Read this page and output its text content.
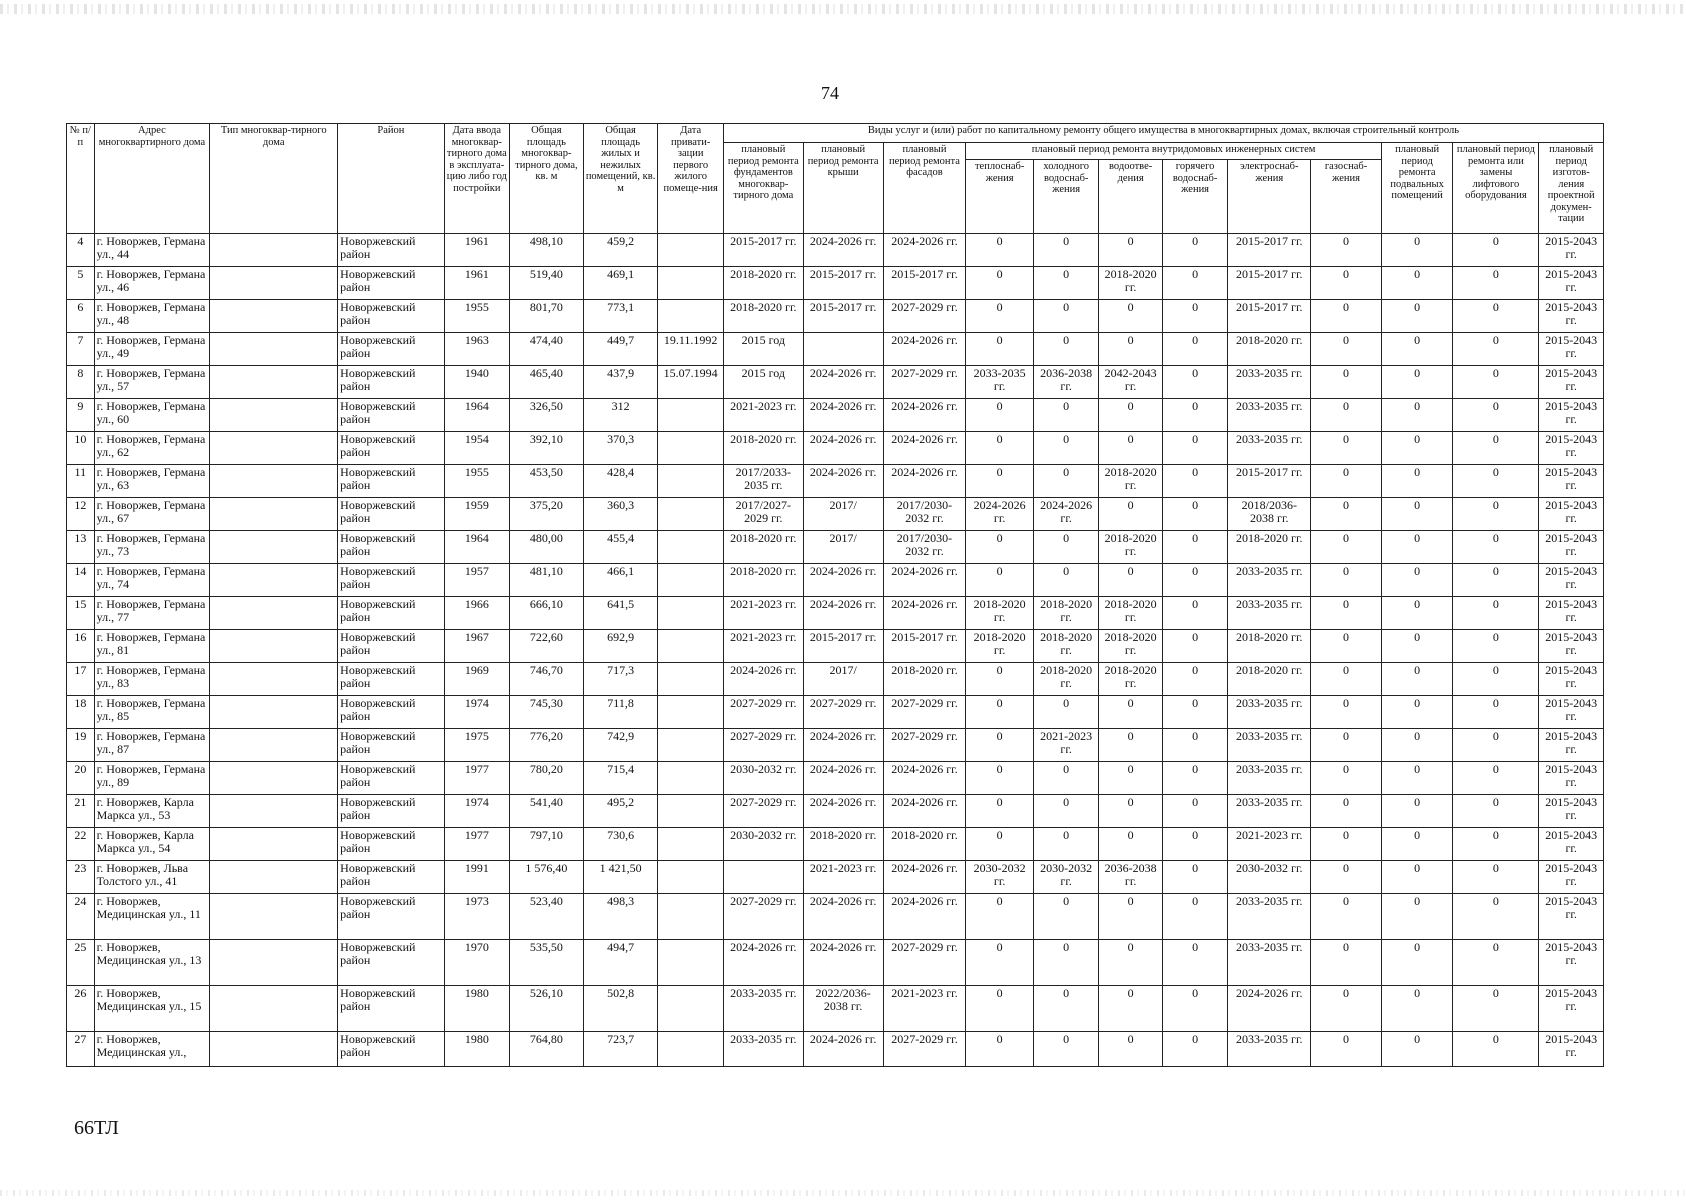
74
№ п/п	Адрес многоквартирного дома	Тип многоквар-тирного дома	Район	Дата ввода многоквар-тирного дома в эксплуата-цию либо год постройки	Общая площадь многоквар-тирного дома, кв. м	Общая площадь жилых и нежилых помещений, кв. м	Дата привати-зации первого жилого помеще-ния	Виды услуг и (или) работ по капитальному ремонту общего имущества в многоквартирных домах, включая строительный контроль											
								плановый период ремонта фундаментов многоквар-тирного дома	плановый период ремонта крыши	плановый период ремонта фасадов	плановый период ремонта внутридомовых инженерных систем						плановый период ремонта подвальных помещений	плановый период ремонта или замены лифтового оборудования	плановый период изготов-ления проектной докумен-тации
											теплоснаб-жения	холодного водоснаб-жения	водоотве-дения	горячего водоснаб-жения	электроснаб-жения	газоснаб-жения			
4	г. Новоржев, Германа ул., 44		Новоржевский район	1961	498,10	459,2		2015-2017 гг.	2024-2026 гг.	2024-2026 гг.	0	0	0	0	2015-2017 гг.	0	0	0	2015-2043 гг.
5	г. Новоржев, Германа ул., 46		Новоржевский район	1961	519,40	469,1		2018-2020 гг.	2015-2017 гг.	2015-2017 гг.	0	0	2018-2020 гг.	0	2015-2017 гг.	0	0	0	2015-2043 гг.
6	г. Новоржев, Германа ул., 48		Новоржевский район	1955	801,70	773,1		2018-2020 гг.	2015-2017 гг.	2027-2029 гг.	0	0	0	0	2015-2017 гг.	0	0	0	2015-2043 гг.
7	г. Новоржев, Германа ул., 49		Новоржевский район	1963	474,40	449,7	19.11.1992	2015 год		2024-2026 гг.	0	0	0	0	2018-2020 гг.	0	0	0	2015-2043 гг.
8	г. Новоржев, Германа ул., 57		Новоржевский район	1940	465,40	437,9	15.07.1994	2015 год	2024-2026 гг.	2027-2029 гг.	2033-2035 гг.	2036-2038 гг.	2042-2043 гг.	0	2033-2035 гг.	0	0	0	2015-2043 гг.
9	г. Новоржев, Германа ул., 60		Новоржевский район	1964	326,50	312		2021-2023 гг.	2024-2026 гг.	2024-2026 гг.	0	0	0	0	2033-2035 гг.	0	0	0	2015-2043 гг.
10	г. Новоржев, Германа ул., 62		Новоржевский район	1954	392,10	370,3		2018-2020 гг.	2024-2026 гг.	2024-2026 гг.	0	0	0	0	2033-2035 гг.	0	0	0	2015-2043 гг.
11	г. Новоржев, Германа ул., 63		Новоржевский район	1955	453,50	428,4		2017/2033-2035 гг.	2024-2026 гг.	2024-2026 гг.	0	0	2018-2020 гг.	0	2015-2017 гг.	0	0	0	2015-2043 гг.
12	г. Новоржев, Германа ул., 67		Новоржевский район	1959	375,20	360,3		2017/2027-2029 гг.	2017/	2017/2030-2032 гг.	2024-2026 гг.	2024-2026 гг.	0	0	2018/2036-2038 гг.	0	0	0	2015-2043 гг.
13	г. Новоржев, Германа ул., 73		Новоржевский район	1964	480,00	455,4		2018-2020 гг.	2017/	2017/2030-2032 гг.	0	0	2018-2020 гг.	0	2018-2020 гг.	0	0	0	2015-2043 гг.
14	г. Новоржев, Германа ул., 74		Новоржевский район	1957	481,10	466,1		2018-2020 гг.	2024-2026 гг.	2024-2026 гг.	0	0	0	0	2033-2035 гг.	0	0	0	2015-2043 гг.
15	г. Новоржев, Германа ул., 77		Новоржевский район	1966	666,10	641,5		2021-2023 гг.	2024-2026 гг.	2024-2026 гг.	2018-2020 гг.	2018-2020 гг.	2018-2020 гг.	0	2033-2035 гг.	0	0	0	2015-2043 гг.
16	г. Новоржев, Германа ул., 81		Новоржевский район	1967	722,60	692,9		2021-2023 гг.	2015-2017 гг.	2015-2017 гг.	2018-2020 гг.	2018-2020 гг.	2018-2020 гг.	0	2018-2020 гг.	0	0	0	2015-2043 гг.
17	г. Новоржев, Германа ул., 83		Новоржевский район	1969	746,70	717,3		2024-2026 гг.	2017/	2018-2020 гг.	0	2018-2020 гг.	2018-2020 гг.	0	2018-2020 гг.	0	0	0	2015-2043 гг.
18	г. Новоржев, Германа ул., 85		Новоржевский район	1974	745,30	711,8		2027-2029 гг.	2027-2029 гг.	2027-2029 гг.	0	0	0	0	2033-2035 гг.	0	0	0	2015-2043 гг.
19	г. Новоржев, Германа ул., 87		Новоржевский район	1975	776,20	742,9		2027-2029 гг.	2024-2026 гг.	2027-2029 гг.	0	2021-2023 гг.	0	0	2033-2035 гг.	0	0	0	2015-2043 гг.
20	г. Новоржев, Германа ул., 89		Новоржевский район	1977	780,20	715,4		2030-2032 гг.	2024-2026 гг.	2024-2026 гг.	0	0	0	0	2033-2035 гг.	0	0	0	2015-2043 гг.
21	г. Новоржев, Карла Маркса ул., 53		Новоржевский район	1974	541,40	495,2		2027-2029 гг.	2024-2026 гг.	2024-2026 гг.	0	0	0	0	2033-2035 гг.	0	0	0	2015-2043 гг.
22	г. Новоржев, Карла Маркса ул., 54		Новоржевский район	1977	797,10	730,6		2030-2032 гг.	2018-2020 гг.	2018-2020 гг.	0	0	0	0	2021-2023 гг.	0	0	0	2015-2043 гг.
23	г. Новоржев, Льва Толстого ул., 41		Новоржевский район	1991	1 576,40	1 421,50			2021-2023 гг.	2024-2026 гг.	2030-2032 гг.	2030-2032 гг.	2036-2038 гг.	0	2030-2032 гг.	0	0	0	2015-2043 гг.
24	г. Новоржев, Медицинская ул., 11		Новоржевский район	1973	523,40	498,3		2027-2029 гг.	2024-2026 гг.	2024-2026 гг.	0	0	0	0	2033-2035 гг.	0	0	0	2015-2043 гг.
25	г. Новоржев, Медицинская ул., 13		Новоржевский район	1970	535,50	494,7		2024-2026 гг.	2024-2026 гг.	2027-2029 гг.	0	0	0	0	2033-2035 гг.	0	0	0	2015-2043 гг.
26	г. Новоржев, Медицинская ул., 15		Новоржевский район	1980	526,10	502,8		2033-2035 гг.	2022/2036-2038 гг.	2021-2023 гг.	0	0	0	0	2024-2026 гг.	0	0	0	2015-2043 гг.
27	г. Новоржев, Медицинская ул.,		Новоржевский район	1980	764,80	723,7		2033-2035 гг.	2024-2026 гг.	2027-2029 гг.	0	0	0	0	2033-2035 гг.	0	0	0	2015-2043 гг.
66ТЛ
